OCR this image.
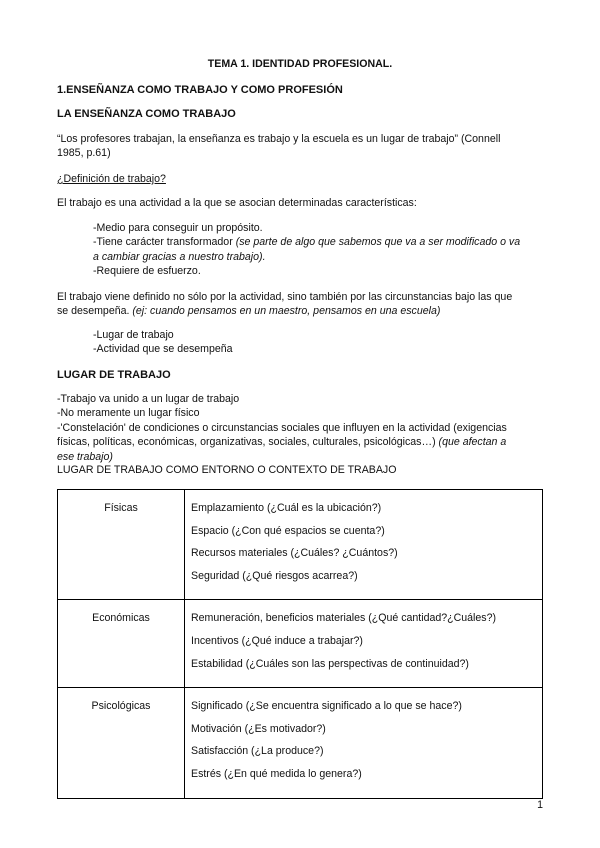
TEMA 1. IDENTIDAD PROFESIONAL.
1.ENSEÑANZA COMO TRABAJO Y COMO PROFESIÓN
LA ENSEÑANZA COMO TRABAJO
“Los profesores trabajan, la enseñanza es trabajo y la escuela es un lugar de trabajo” (Connell
1985, p.61)
¿Definición de trabajo?
El trabajo es una actividad a la que se asocian determinadas características:
-Medio para conseguir un propósito.
-Tiene carácter transformador (se parte de algo que sabemos que va a ser modificado o va
a cambiar gracias a nuestro trabajo).
-Requiere de esfuerzo.
El trabajo viene definido no sólo por la actividad, sino también por las circunstancias bajo las que
se desempeña. (ej: cuando pensamos en un maestro, pensamos en una escuela)
-Lugar de trabajo
-Actividad que se desempeña
LUGAR DE TRABAJO
-Trabajo va unido a un lugar de trabajo
-No meramente un lugar físico
-'Constelación' de condiciones o circunstancias sociales que influyen en la actividad (exigencias
físicas, políticas, económicas, organizativas, sociales, culturales, psicológicas…) (que afectan a
ese trabajo)
LUGAR DE TRABAJO COMO ENTORNO O CONTEXTO DE TRABAJO
Físicas	Emplazamiento (¿Cuál es la ubicación?)
Espacio (¿Con qué espacios se cuenta?)
Recursos materiales (¿Cuáles? ¿Cuántos?)
Seguridad (¿Qué riesgos acarrea?)

Económicas	Remuneración, beneficios materiales (¿Qué cantidad?¿Cuáles?)
Incentivos (¿Qué induce a trabajar?)
Estabilidad (¿Cuáles son las perspectivas de continuidad?)

Psicológicas	Significado (¿Se encuentra significado a lo que se hace?)
Motivación (¿Es motivador?)
Satisfacción (¿La produce?)
Estrés (¿En qué medida lo genera?)
1
